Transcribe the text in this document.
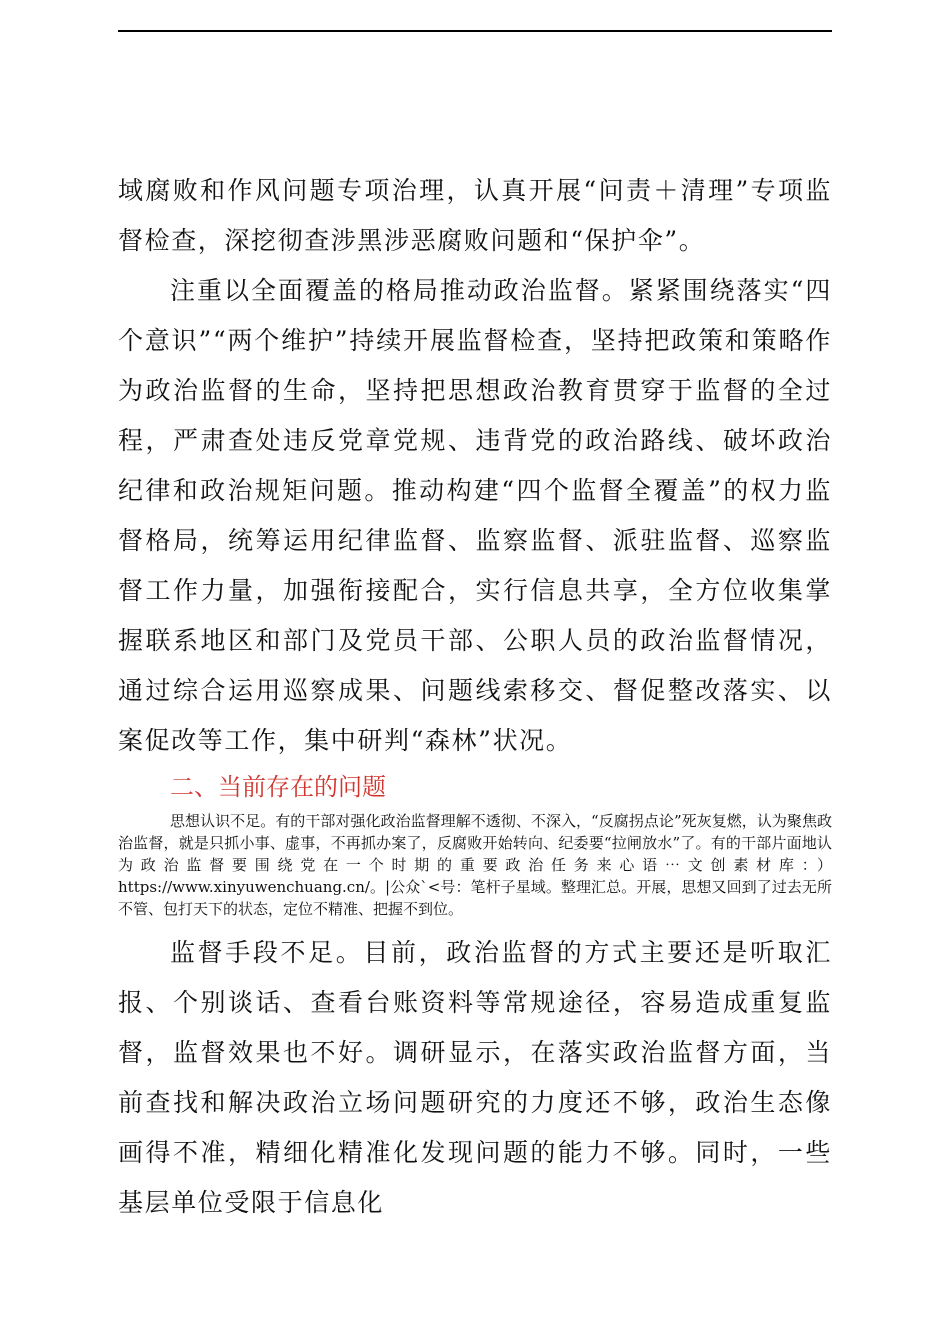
域腐败和作风问题专项治理，认真开展“问责＋清理”专项监督检查，深挖彻查涉黑涉恶腐败问题和“保护伞”。

注重以全面覆盖的格局推动政治监督。紧紧围绕落实“四个意识”“两个维护”持续开展监督检查，坚持把政策和策略作为政治监督的生命，坚持把思想政治教育贯穿于监督的全过程，严肃查处违反党章党规、违背党的政治路线、破坏政治纪律和政治规矩问题。推动构建“四个监督全覆盖”的权力监督格局，统筹运用纪律监督、监察监督、派驻监督、巡察监督工作力量，加强衔接配合，实行信息共享，全方位收集掌握联系地区和部门及党员干部、公职人员的政治监督情况，通过综合运用巡察成果、问题线索移交、督促整改落实、以案促改等工作，集中研判“森林”状况。

二、当前存在的问题

思想认识不足。有的干部对强化政治监督理解不透彻、不深入，“反腐拐点论”死灰复燃，认为聚焦政治监督，就是只抓小事、虚事，不再抓办案了，反腐败开始转向、纪委要“拉闸放水”了。有的干部片面地认为政治监督要围绕党在一个时期的重要政治任务来心语⋯文创素材库：）https://www.xinyuwenchuang.cn/。|公众`<号：笔杆子星域。整理汇总。开展，思想又回到了过去无所不管、包打天下的状态，定位不精准、把握不到位。

监督手段不足。目前，政治监督的方式主要还是听取汇报、个别谈话、查看台账资料等常规途径，容易造成重复监督，监督效果也不好。调研显示，在落实政治监督方面，当前查找和解决政治立场问题研究的力度还不够，政治生态像画得不准，精细化精准化发现问题的能力不够。同时，一些基层单位受限于信息化
